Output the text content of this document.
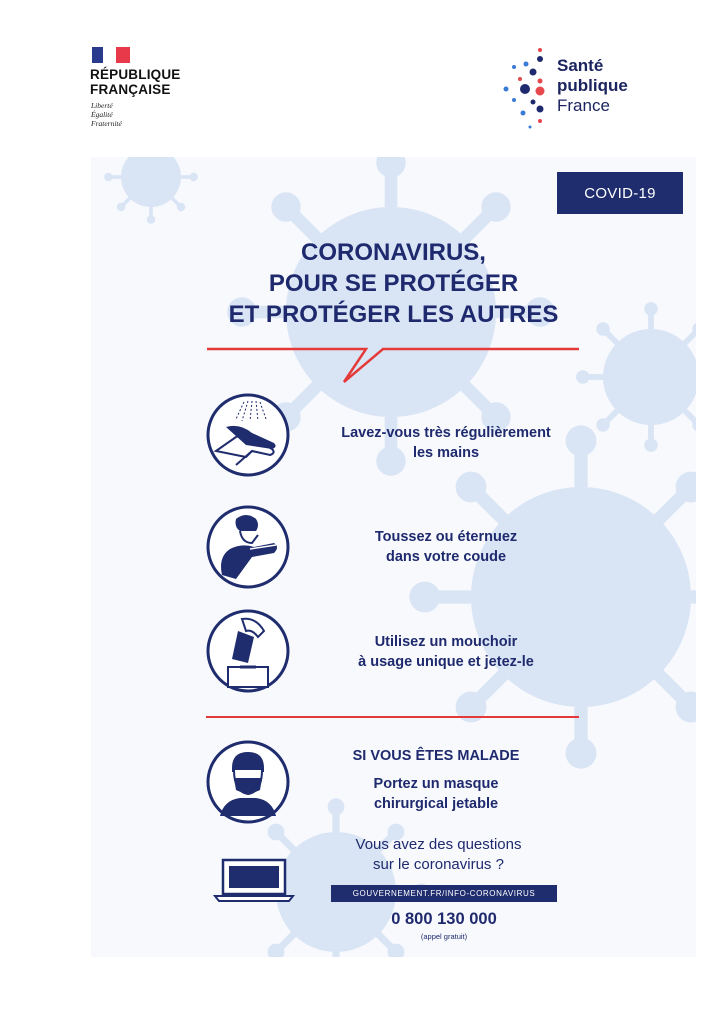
RÉPUBLIQUE
FRANÇAISE
Liberté
Égalité
Fraternité
Santé
publique
France
COVID-19
CORONAVIRUS,
POUR SE PROTÉGER
ET PROTÉGER LES AUTRES
Lavez-vous très régulièrement
les mains
Toussez ou éternuez
dans votre coude
Utilisez un mouchoir
à usage unique et jetez-le
SI VOUS ÊTES MALADE
Portez un masque
chirurgical jetable
Vous avez des questions
sur le coronavirus ?
GOUVERNEMENT.FR/INFO-CORONAVIRUS
0 800 130 000
(appel gratuit)
